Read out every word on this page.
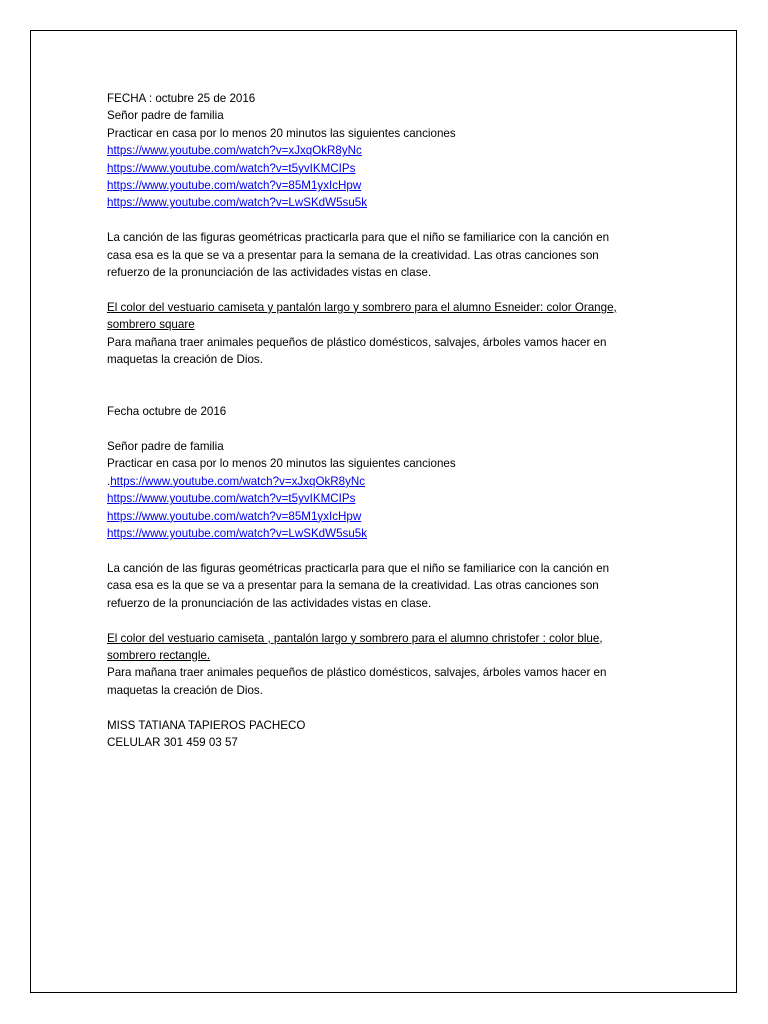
FECHA : octubre 25 de 2016
Señor padre de familia
Practicar en casa por lo menos 20 minutos las siguientes canciones
https://www.youtube.com/watch?v=xJxqOkR8yNc
https://www.youtube.com/watch?v=t5yvIKMCIPs
https://www.youtube.com/watch?v=85M1yxIcHpw
https://www.youtube.com/watch?v=LwSKdW5su5k
La canción de las figuras geométricas practicarla para que el niño se familiarice con la canción en
casa esa es la que se va a presentar para la semana de la creatividad. Las otras canciones son
refuerzo de la pronunciación de las actividades vistas en clase.
El color del vestuario camiseta y pantalón largo y sombrero para el alumno Esneider: color Orange,
sombrero square
Para mañana traer animales pequeños de plástico domésticos, salvajes, árboles vamos hacer en
maquetas la creación de Dios.
Fecha octubre de 2016
Señor padre de familia
Practicar en casa por lo menos 20 minutos las siguientes canciones
.https://www.youtube.com/watch?v=xJxqOkR8yNc
https://www.youtube.com/watch?v=t5yvIKMCIPs
https://www.youtube.com/watch?v=85M1yxIcHpw
https://www.youtube.com/watch?v=LwSKdW5su5k
La canción de las figuras geométricas practicarla para que el niño se familiarice con la canción en
casa esa es la que se va a presentar para la semana de la creatividad. Las otras canciones son
refuerzo de la pronunciación de las actividades vistas en clase.
El color del vestuario camiseta , pantalón largo y sombrero para el alumno christofer : color blue,
sombrero rectangle.
Para mañana traer animales pequeños de plástico domésticos, salvajes, árboles vamos hacer en
maquetas la creación de Dios.
MISS TATIANA TAPIEROS PACHECO
CELULAR 301 459 03 57
